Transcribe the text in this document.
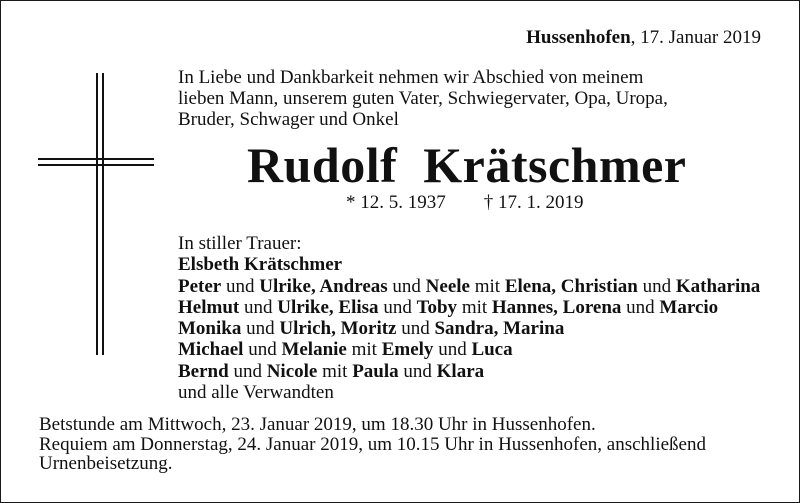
Hussenhofen, 17. Januar 2019
In Liebe und Dankbarkeit nehmen wir Abschied von meinem
lieben Mann, unserem guten Vater, Schwiegervater, Opa, Uropa,
Bruder, Schwager und Onkel
Rudolf  Krätschmer
* 12. 5. 1937 † 17. 1. 2019
In stiller Trauer:
Elsbeth Krätschmer
Peter und Ulrike, Andreas und Neele mit Elena, Christian und Katharina
Helmut und Ulrike, Elisa und Toby mit Hannes, Lorena und Marcio
Monika und Ulrich, Moritz und Sandra, Marina
Michael und Melanie mit Emely und Luca
Bernd und Nicole mit Paula und Klara
und alle Verwandten
Betstunde am Mittwoch, 23. Januar 2019, um 18.30 Uhr in Hussenhofen.
Requiem am Donnerstag, 24. Januar 2019, um 10.15 Uhr in Hussenhofen, anschließend
Urnenbeisetzung.
